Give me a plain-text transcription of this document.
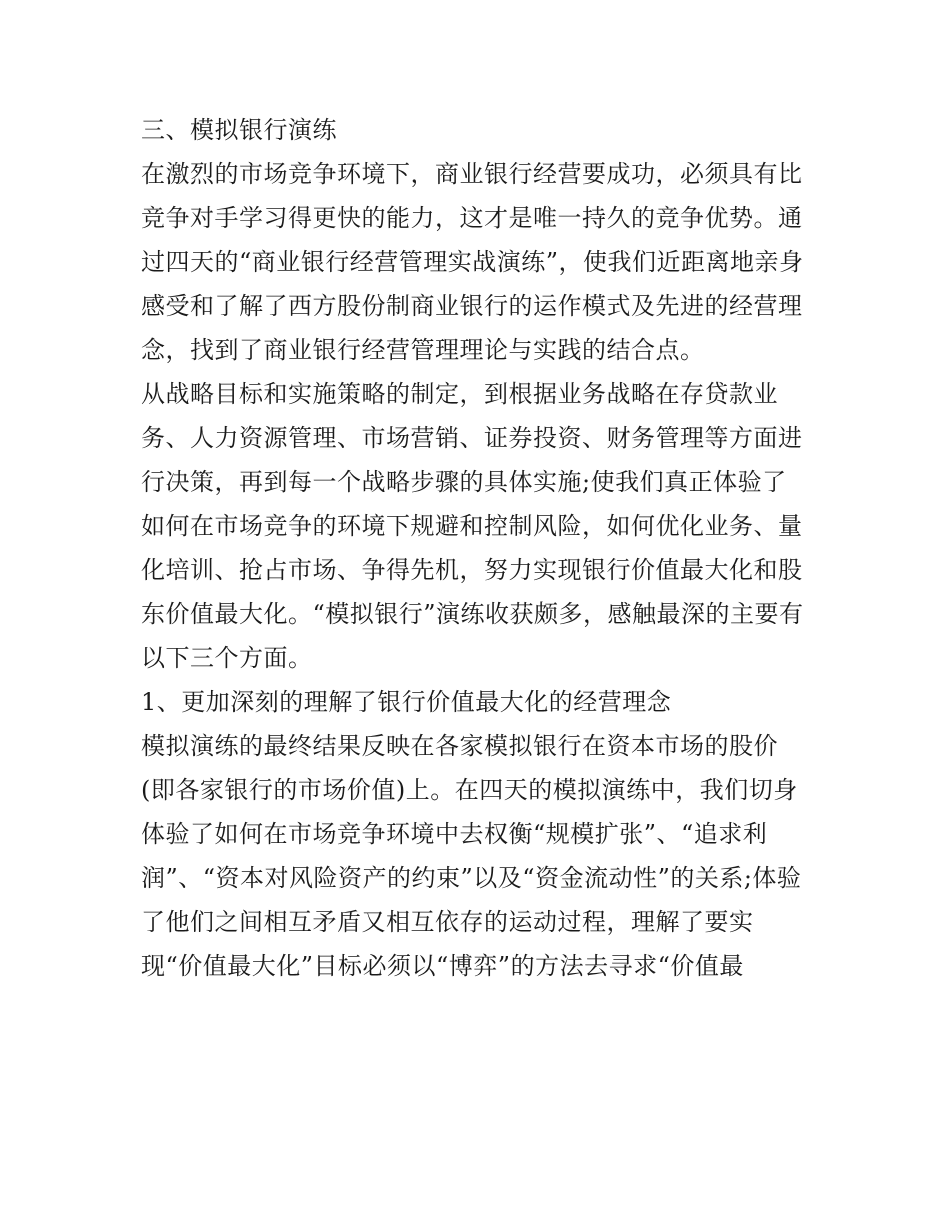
三、模拟银行演练
在激烈的市场竞争环境下，商业银行经营要成功，必须具有比
竞争对手学习得更快的能力，这才是唯一持久的竞争优势。通
过四天的“商业银行经营管理实战演练”，使我们近距离地亲身
感受和了解了西方股份制商业银行的运作模式及先进的经营理
念，找到了商业银行经营管理理论与实践的结合点。
从战略目标和实施策略的制定，到根据业务战略在存贷款业
务、人力资源管理、市场营销、证券投资、财务管理等方面进
行决策，再到每一个战略步骤的具体实施;使我们真正体验了
如何在市场竞争的环境下规避和控制风险，如何优化业务、量
化培训、抢占市场、争得先机，努力实现银行价值最大化和股
东价值最大化。“模拟银行”演练收获颇多，感触最深的主要有
以下三个方面。
1、更加深刻的理解了银行价值最大化的经营理念
模拟演练的最终结果反映在各家模拟银行在资本市场的股价
(即各家银行的市场价值)上。在四天的模拟演练中，我们切身
体验了如何在市场竞争环境中去权衡“规模扩张”、“追求利
润”、“资本对风险资产的约束”以及“资金流动性”的关系;体验
了他们之间相互矛盾又相互依存的运动过程，理解了要实
现“价值最大化”目标必须以“博弈”的方法去寻求“价值最
